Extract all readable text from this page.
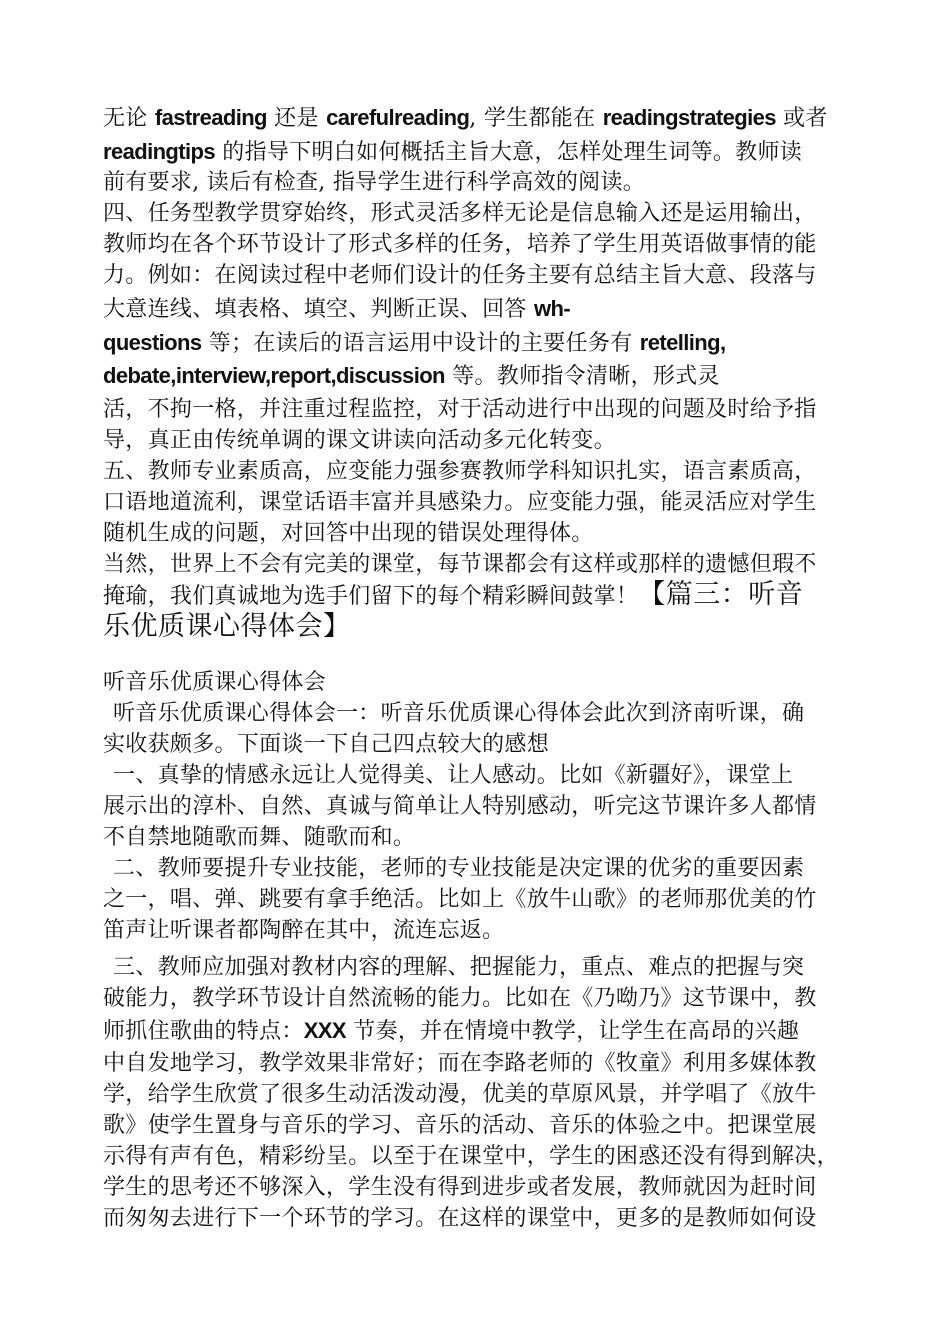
无论 fastreading 还是 carefulreading, 学生都能在 readingstrategies 或者
readingtips 的指导下明白如何概括主旨大意，怎样处理生词等。教师读
前有要求, 读后有检查, 指导学生进行科学高效的阅读。
四、任务型教学贯穿始终，形式灵活多样无论是信息输入还是运用输出，
教师均在各个环节设计了形式多样的任务，培养了学生用英语做事情的能
力。例如：在阅读过程中老师们设计的任务主要有总结主旨大意、段落与
大意连线、填表格、填空、判断正误、回答 wh-
questions 等；在读后的语言运用中设计的主要任务有 retelling,
debate,interview,report,discussion 等。教师指令清晰，形式灵
活，不拘一格，并注重过程监控，对于活动进行中出现的问题及时给予指
导，真正由传统单调的课文讲读向活动多元化转变。
五、教师专业素质高，应变能力强参赛教师学科知识扎实，语言素质高，
口语地道流利，课堂话语丰富并具感染力。应变能力强，能灵活应对学生
随机生成的问题，对回答中出现的错误处理得体。
当然，世界上不会有完美的课堂，每节课都会有这样或那样的遗憾但瑕不
掩瑜，我们真诚地为选手们留下的每个精彩瞬间鼓掌！【篇三：听音
乐优质课心得体会】
听音乐优质课心得体会
听音乐优质课心得体会一：听音乐优质课心得体会此次到济南听课，确
实收获颇多。下面谈一下自己四点较大的感想
一、真挚的情感永远让人觉得美、让人感动。比如《新疆好》，课堂上
展示出的淳朴、自然、真诚与简单让人特别感动，听完这节课许多人都情
不自禁地随歌而舞、随歌而和。
二、教师要提升专业技能，老师的专业技能是决定课的优劣的重要因素
之一，唱、弹、跳要有拿手绝活。比如上《放牛山歌》的老师那优美的竹
笛声让听课者都陶醉在其中，流连忘返。
三、教师应加强对教材内容的理解、把握能力，重点、难点的把握与突
破能力，教学环节设计自然流畅的能力。比如在《乃呦乃》这节课中，教
师抓住歌曲的特点：XXX 节奏，并在情境中教学，让学生在高昂的兴趣
中自发地学习，教学效果非常好；而在李路老师的《牧童》利用多媒体教
学，给学生欣赏了很多生动活泼动漫，优美的草原风景，并学唱了《放牛
歌》使学生置身与音乐的学习、音乐的活动、音乐的体验之中。把课堂展
示得有声有色，精彩纷呈。以至于在课堂中，学生的困惑还没有得到解决，
学生的思考还不够深入，学生没有得到进步或者发展，教师就因为赶时间
而匆匆去进行下一个环节的学习。在这样的课堂中，更多的是教师如何设
